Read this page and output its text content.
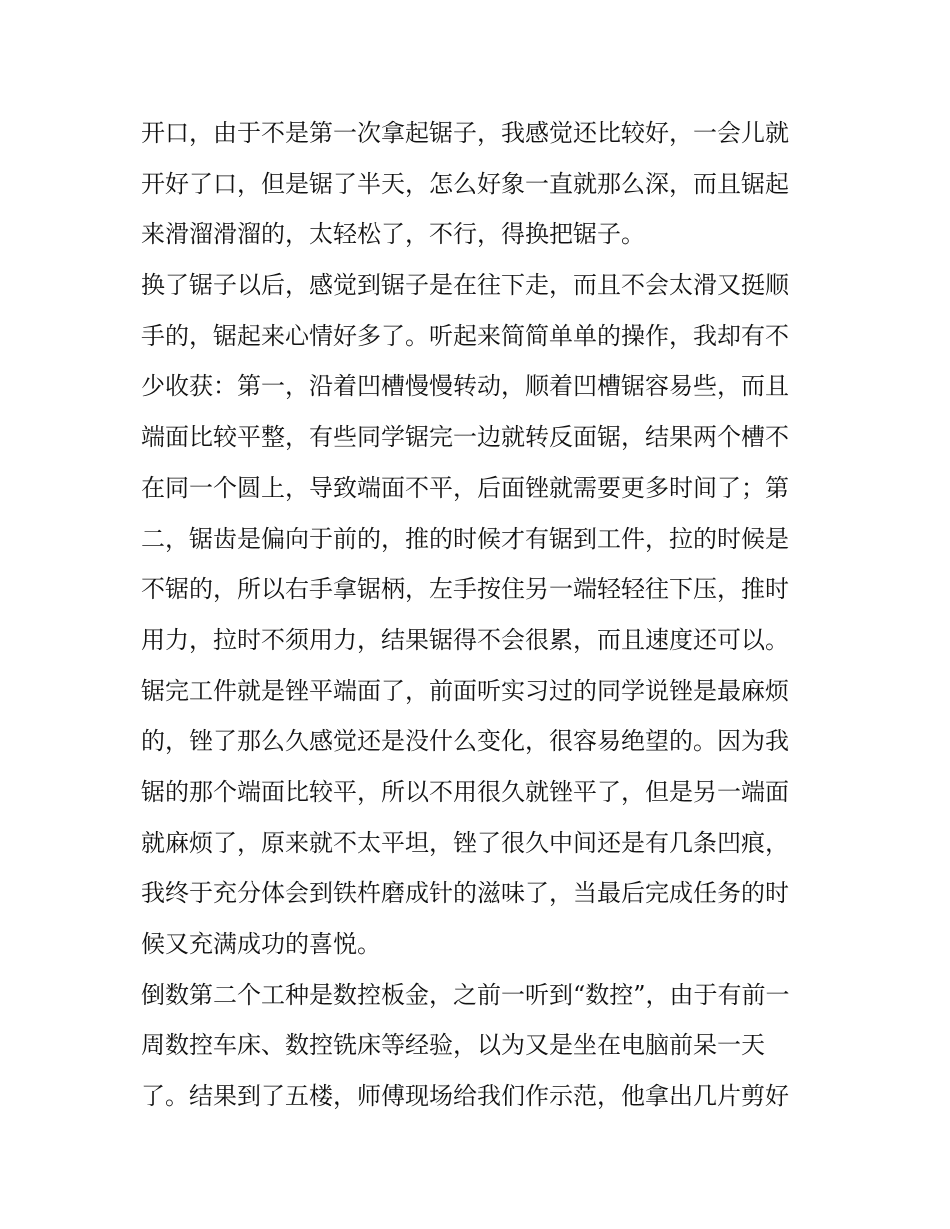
开口，由于不是第一次拿起锯子，我感觉还比较好，一会儿就
开好了口，但是锯了半天，怎么好象一直就那么深，而且锯起
来滑溜滑溜的，太轻松了，不行，得换把锯子。
换了锯子以后，感觉到锯子是在往下走，而且不会太滑又挺顺
手的，锯起来心情好多了。听起来简简单单的操作，我却有不
少收获：第一，沿着凹槽慢慢转动，顺着凹槽锯容易些，而且
端面比较平整，有些同学锯完一边就转反面锯，结果两个槽不
在同一个圆上，导致端面不平，后面锉就需要更多时间了；第
二，锯齿是偏向于前的，推的时候才有锯到工件，拉的时候是
不锯的，所以右手拿锯柄，左手按住另一端轻轻往下压，推时
用力，拉时不须用力，结果锯得不会很累，而且速度还可以。
锯完工件就是锉平端面了，前面听实习过的同学说锉是最麻烦
的，锉了那么久感觉还是没什么变化，很容易绝望的。因为我
锯的那个端面比较平，所以不用很久就锉平了，但是另一端面
就麻烦了，原来就不太平坦，锉了很久中间还是有几条凹痕，
我终于充分体会到铁杵磨成针的滋味了，当最后完成任务的时
候又充满成功的喜悦。
倒数第二个工种是数控板金，之前一听到“数控”，由于有前一
周数控车床、数控铣床等经验，以为又是坐在电脑前呆一天
了。结果到了五楼，师傅现场给我们作示范，他拿出几片剪好
